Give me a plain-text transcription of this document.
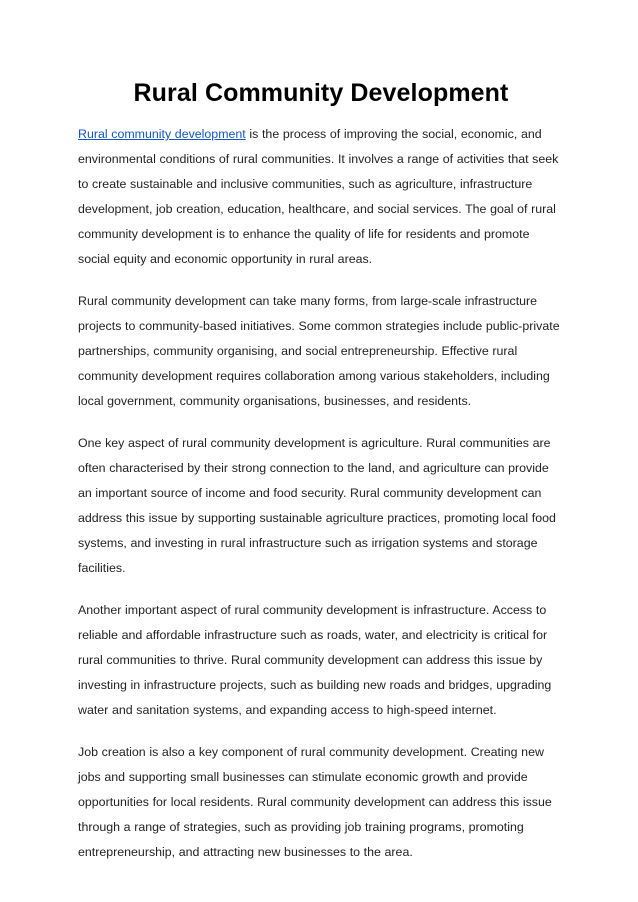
Rural Community Development

Rural community development is the process of improving the social, economic, and environmental conditions of rural communities. It involves a range of activities that seek to create sustainable and inclusive communities, such as agriculture, infrastructure development, job creation, education, healthcare, and social services. The goal of rural community development is to enhance the quality of life for residents and promote social equity and economic opportunity in rural areas.

Rural community development can take many forms, from large-scale infrastructure projects to community-based initiatives. Some common strategies include public-private partnerships, community organising, and social entrepreneurship. Effective rural community development requires collaboration among various stakeholders, including local government, community organisations, businesses, and residents.

One key aspect of rural community development is agriculture. Rural communities are often characterised by their strong connection to the land, and agriculture can provide an important source of income and food security. Rural community development can address this issue by supporting sustainable agriculture practices, promoting local food systems, and investing in rural infrastructure such as irrigation systems and storage facilities.

Another important aspect of rural community development is infrastructure. Access to reliable and affordable infrastructure such as roads, water, and electricity is critical for rural communities to thrive. Rural community development can address this issue by investing in infrastructure projects, such as building new roads and bridges, upgrading water and sanitation systems, and expanding access to high-speed internet.

Job creation is also a key component of rural community development. Creating new jobs and supporting small businesses can stimulate economic growth and provide opportunities for local residents. Rural community development can address this issue through a range of strategies, such as providing job training programs, promoting entrepreneurship, and attracting new businesses to the area.
